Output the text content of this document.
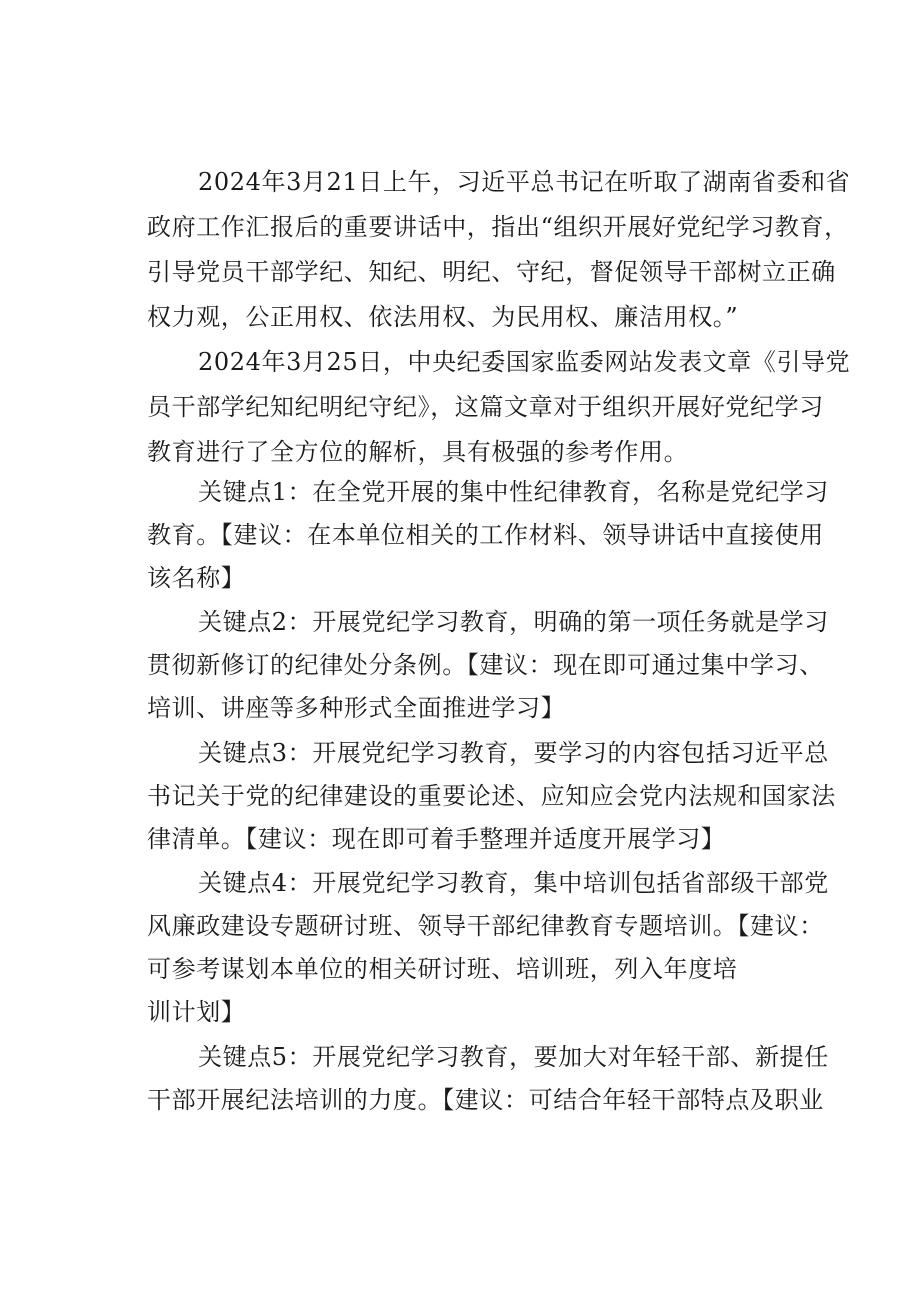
2024年3月21日上午，习近平总书记在听取了湖南省委和省
政府工作汇报后的重要讲话中，指出“组织开展好党纪学习教育，
引导党员干部学纪、知纪、明纪、守纪，督促领导干部树立正确
权力观，公正用权、依法用权、为民用权、廉洁用权。”
2024年3月25日，中央纪委国家监委网站发表文章《引导党
员干部学纪知纪明纪守纪》，这篇文章对于组织开展好党纪学习
教育进行了全方位的解析，具有极强的参考作用。
关键点1：在全党开展的集中性纪律教育，名称是党纪学习
教育。【建议：在本单位相关的工作材料、领导讲话中直接使用
该名称】
关键点2：开展党纪学习教育，明确的第一项任务就是学习
贯彻新修订的纪律处分条例。【建议：现在即可通过集中学习、
培训、讲座等多种形式全面推进学习】
关键点3：开展党纪学习教育，要学习的内容包括习近平总
书记关于党的纪律建设的重要论述、应知应会党内法规和国家法
律清单。【建议：现在即可着手整理并适度开展学习】
关键点4：开展党纪学习教育，集中培训包括省部级干部党
风廉政建设专题研讨班、领导干部纪律教育专题培训。【建议：
可参考谋划本单位的相关研讨班、培训班，列入年度培
训计划】
关键点5：开展党纪学习教育，要加大对年轻干部、新提任
干部开展纪法培训的力度。【建议：可结合年轻干部特点及职业
